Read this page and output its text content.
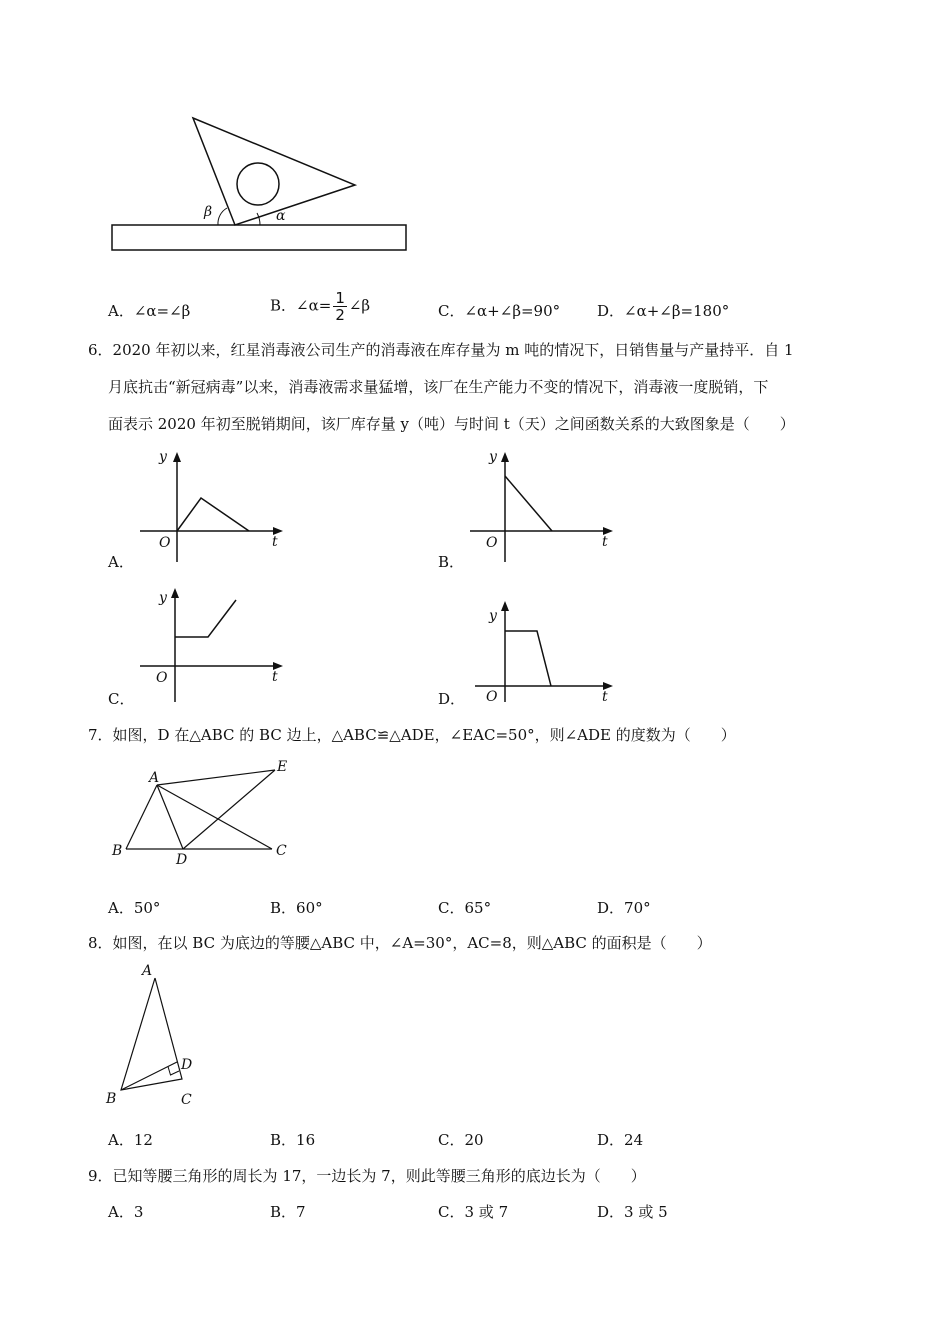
β	α
A．∠α=∠β	B．∠α= $\frac{1}{2}$ ∠β	C．∠α+∠β=90° D．∠α+∠β=180°
6．2020 年初以来，红星消毒液公司生产的消毒液在库存量为 m 吨的情况下，日销售量与产量持平．自 1
月底抗击“新冠病毒”以来，消毒液需求量猛增，该厂在生产能力不变的情况下，消毒液一度脱销，下
面表示 2020 年初至脱销期间，该厂库存量 y（吨）与时间 t（天）之间函数关系的大致图象是（　　）
y
t
O
A．
y
t
O
B．
y
t
O
C．
y
t
O
D．
7．如图，D 在△ABC 的 BC 边上，△ABC≌△ADE，∠EAC=50°，则∠ADE 的度数为（　　）
A
E
B
D
C
A．50°	B．60°	C．65°	D．70°
8．如图，在以 BC 为底边的等腰△ABC 中，∠A=30°，AC=8，则△ABC 的面积是（　　）
A
D
B	C
A．12	B．16	C．20	D．24
9．已知等腰三角形的周长为 17，一边长为 7，则此等腰三角形的底边长为（　　）
A．3	B．7	C．3 或 7	D．3 或 5
